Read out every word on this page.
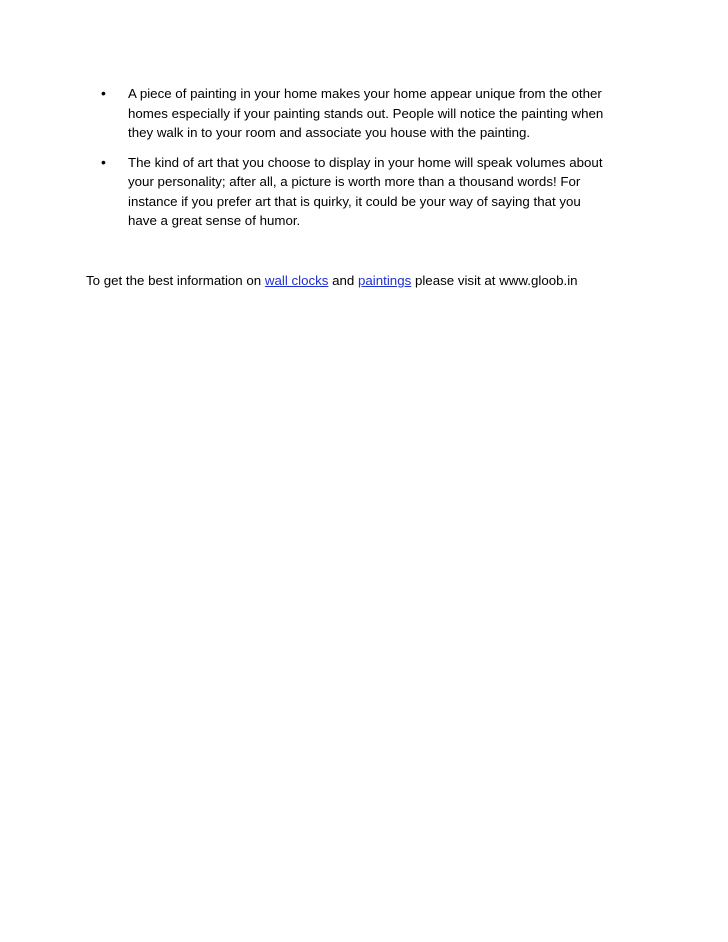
• A piece of painting in your home makes your home appear unique from the other
homes especially if your painting stands out. People will notice the painting when
they walk in to your room and associate you house with the painting.
• The kind of art that you choose to display in your home will speak volumes about
your personality; after all, a picture is worth more than a thousand words! For
instance if you prefer art that is quirky, it could be your way of saying that you
have a great sense of humor.
To get the best information on wall clocks and paintings please visit at www.gloob.in
